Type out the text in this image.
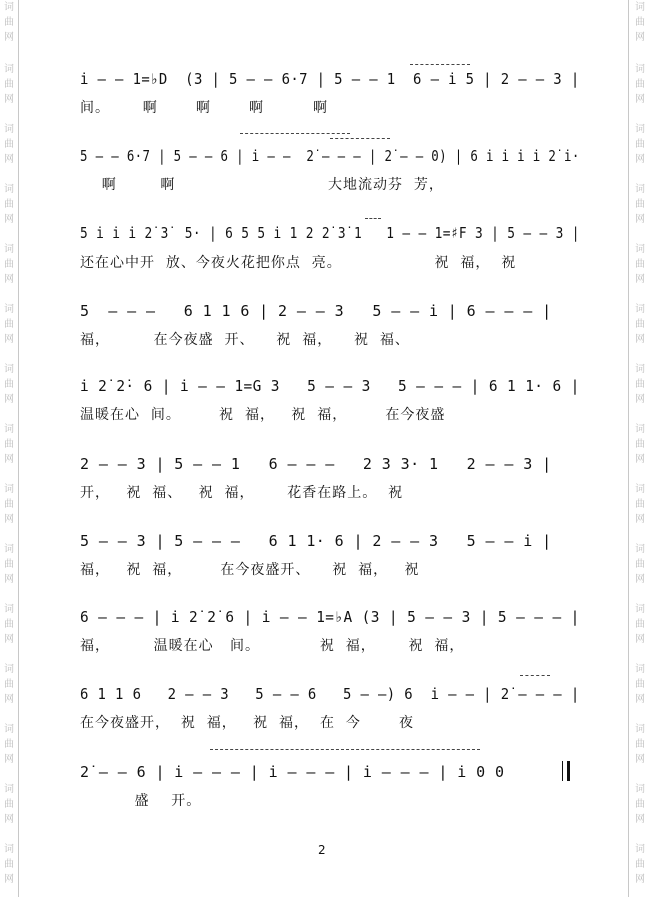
词曲网
词曲网
词曲网
词曲网
词曲网
词曲网
词曲网
词曲网
词曲网
词曲网
词曲网
词曲网
词曲网
词曲网
词曲网
词曲网
词曲网
词曲网
词曲网
词曲网
词曲网
词曲网
词曲网
词曲网
词曲网
词曲网
词曲网
词曲网
词曲网
词曲网
i̇ — — 1=♭D  (3 | 5 — — 6·7 | 5 — — 1  6 — i̇ 5 | 2 — — 3 |
间。      啊       啊       啊         啊
5 — — 6·7 | 5 — — 6 | i̇ — —  2̇ — — — | 2̇ — — 0) | 6 i̇ i̇ i̇ i̇ 2̇ i̇·
啊        啊                            大地流动芬  芳，
5 i̇ i̇ i̇ 2̇ 3̇  5· | 6 5 5 i̇ 1 2 2̇ 3̇ 1   1 — — 1=♯F 3 | 5 — — 3 |
还在心中开  放、今夜火花把你点  亮。                 祝  福，  祝
5  — — —   6 1 1 6 | 2 — — 3   5 — — i̇ | 6 — — — |
福，        在今夜盛  开、    祝  福，    祝  福、
i̇ 2̇ 2̇· 6 | i̇ — — 1=G 3   5 — — 3   5 — — — | 6 1 1· 6 |
温暖在心  间。       祝  福，   祝  福，       在今夜盛
2 — — 3 | 5 — — 1   6 — — —   2 3 3· 1   2 — — 3 |
开，   祝  福、   祝  福，      花香在路上。  祝
5 — — 3 | 5 — — —   6 1 1· 6 | 2 — — 3   5 — — i̇ |
福，   祝  福，       在今夜盛开、    祝  福，   祝
6 — — — | i̇ 2̇ 2̇ 6 | i̇ — — 1=♭A (3 | 5 — — 3 | 5 — — — |
福，        温暖在心   间。           祝  福，      祝  福，
6 1 1 6   2 — — 3   5 — — 6   5 — —) 6  i̇ — — | 2̇ — — — |
在今夜盛开，  祝  福，   祝  福，  在  今       夜
2̇ — — 6 | i̇ — — — | i̇ — — — | i̇ — — — | i̇ 0 0
盛    开。
2
